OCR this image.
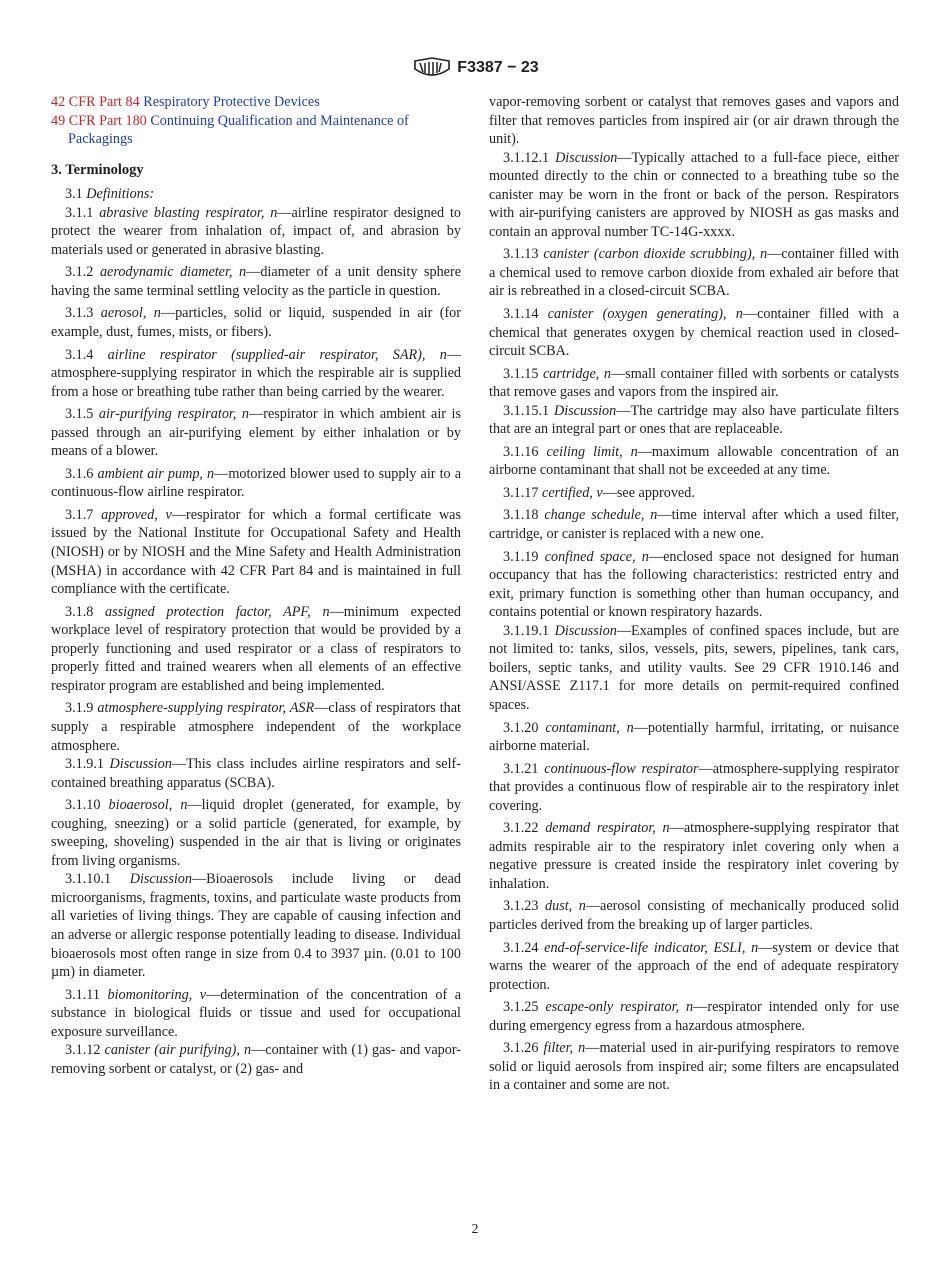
F3387 − 23

42 CFR Part 84 Respiratory Protective Devices

49 CFR Part 180 Continuing Qualification and Maintenance of Packagings

3. Terminology

3.1 Definitions:

3.1.1 abrasive blasting respirator, n—airline respirator designed to protect the wearer from inhalation of, impact of, and abrasion by materials used or generated in abrasive blasting.

3.1.2 aerodynamic diameter, n—diameter of a unit density sphere having the same terminal settling velocity as the particle in question.

3.1.3 aerosol, n—particles, solid or liquid, suspended in air (for example, dust, fumes, mists, or fibers).

3.1.4 airline respirator (supplied-air respirator, SAR), n—atmosphere-supplying respirator in which the respirable air is supplied from a hose or breathing tube rather than being carried by the wearer.

3.1.5 air-purifying respirator, n—respirator in which ambient air is passed through an air-purifying element by either inhalation or by means of a blower.

3.1.6 ambient air pump, n—motorized blower used to supply air to a continuous-flow airline respirator.

3.1.7 approved, v—respirator for which a formal certificate was issued by the National Institute for Occupational Safety and Health (NIOSH) or by NIOSH and the Mine Safety and Health Administration (MSHA) in accordance with 42 CFR Part 84 and is maintained in full compliance with the certificate.

3.1.8 assigned protection factor, APF, n—minimum expected workplace level of respiratory protection that would be provided by a properly functioning and used respirator or a class of respirators to properly fitted and trained wearers when all elements of an effective respirator program are established and being implemented.

3.1.9 atmosphere-supplying respirator, ASR—class of respirators that supply a respirable atmosphere independent of the workplace atmosphere.

3.1.9.1 Discussion—This class includes airline respirators and self-contained breathing apparatus (SCBA).

3.1.10 bioaerosol, n—liquid droplet (generated, for example, by coughing, sneezing) or a solid particle (generated, for example, by sweeping, shoveling) suspended in the air that is living or originates from living organisms.

3.1.10.1 Discussion—Bioaerosols include living or dead microorganisms, fragments, toxins, and particulate waste products from all varieties of living things. They are capable of causing infection and an adverse or allergic response potentially leading to disease. Individual bioaerosols most often range in size from 0.4 to 3937 µin. (0.01 to 100 µm) in diameter.

3.1.11 biomonitoring, v—determination of the concentration of a substance in biological fluids or tissue and used for occupational exposure surveillance.

3.1.12 canister (air purifying), n—container with (1) gas- and vapor-removing sorbent or catalyst, or (2) gas- and

vapor-removing sorbent or catalyst that removes gases and vapors and filter that removes particles from inspired air (or air drawn through the unit).

3.1.12.1 Discussion—Typically attached to a full-face piece, either mounted directly to the chin or connected to a breathing tube so the canister may be worn in the front or back of the person. Respirators with air-purifying canisters are approved by NIOSH as gas masks and contain an approval number TC-14G-xxxx.

3.1.13 canister (carbon dioxide scrubbing), n—container filled with a chemical used to remove carbon dioxide from exhaled air before that air is rebreathed in a closed-circuit SCBA.

3.1.14 canister (oxygen generating), n—container filled with a chemical that generates oxygen by chemical reaction used in closed-circuit SCBA.

3.1.15 cartridge, n—small container filled with sorbents or catalysts that remove gases and vapors from the inspired air.

3.1.15.1 Discussion—The cartridge may also have particulate filters that are an integral part or ones that are replaceable.

3.1.16 ceiling limit, n—maximum allowable concentration of an airborne contaminant that shall not be exceeded at any time.

3.1.17 certified, v—see approved.

3.1.18 change schedule, n—time interval after which a used filter, cartridge, or canister is replaced with a new one.

3.1.19 confined space, n—enclosed space not designed for human occupancy that has the following characteristics: restricted entry and exit, primary function is something other than human occupancy, and contains potential or known respiratory hazards.

3.1.19.1 Discussion—Examples of confined spaces include, but are not limited to: tanks, silos, vessels, pits, sewers, pipelines, tank cars, boilers, septic tanks, and utility vaults. See 29 CFR 1910.146 and ANSI/ASSE Z117.1 for more details on permit-required confined spaces.

3.1.20 contaminant, n—potentially harmful, irritating, or nuisance airborne material.

3.1.21 continuous-flow respirator—atmosphere-supplying respirator that provides a continuous flow of respirable air to the respiratory inlet covering.

3.1.22 demand respirator, n—atmosphere-supplying respirator that admits respirable air to the respiratory inlet covering only when a negative pressure is created inside the respiratory inlet covering by inhalation.

3.1.23 dust, n—aerosol consisting of mechanically produced solid particles derived from the breaking up of larger particles.

3.1.24 end-of-service-life indicator, ESLI, n—system or device that warns the wearer of the approach of the end of adequate respiratory protection.

3.1.25 escape-only respirator, n—respirator intended only for use during emergency egress from a hazardous atmosphere.

3.1.26 filter, n—material used in air-purifying respirators to remove solid or liquid aerosols from inspired air; some filters are encapsulated in a container and some are not.

2
